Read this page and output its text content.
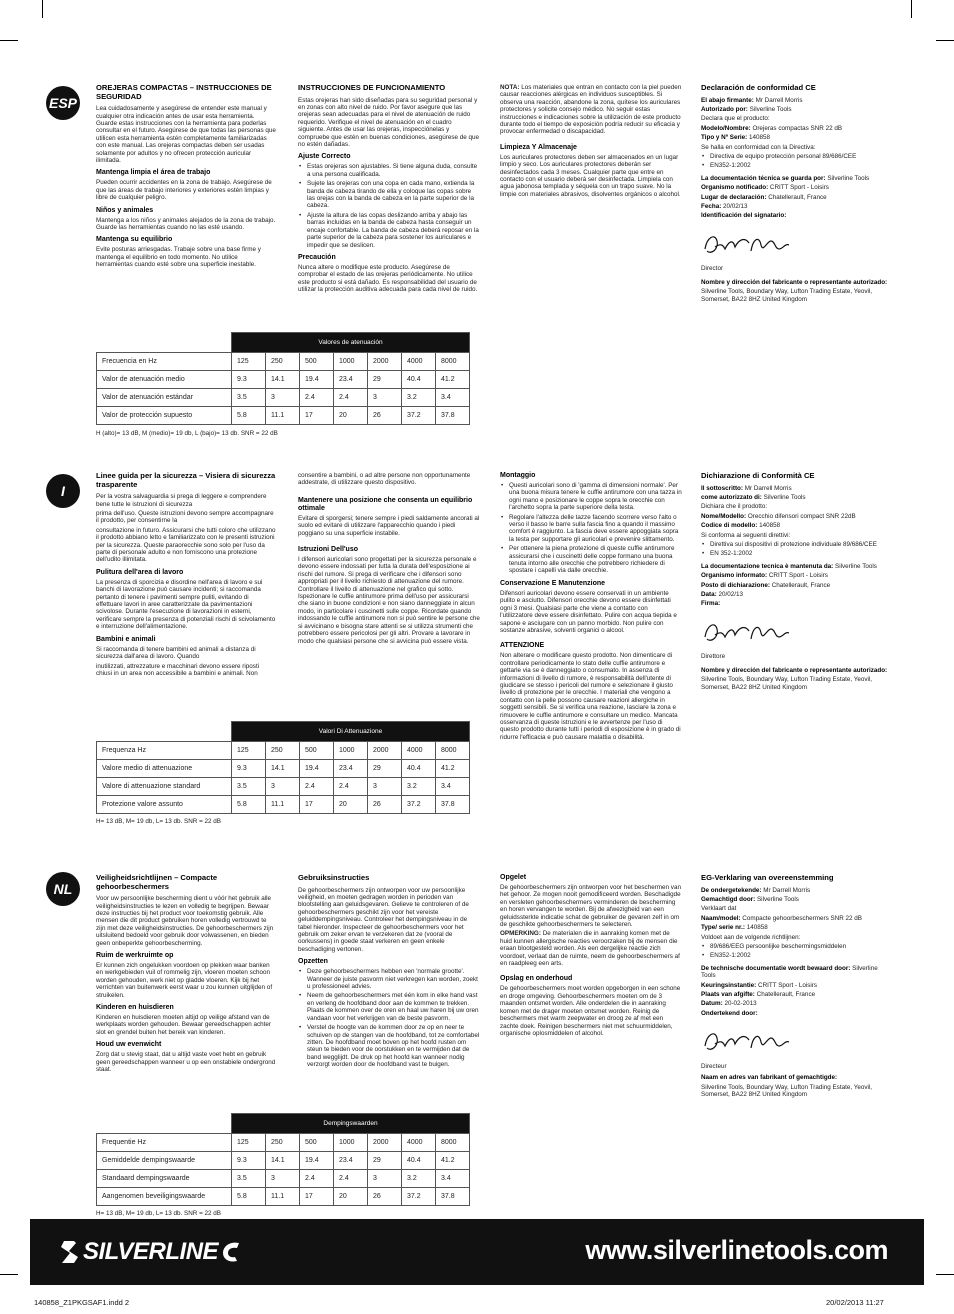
ESP
OREJERAS COMPACTAS – INSTRUCCIONES DE SEGURIDAD

Lea cuidadosamente y asegúrese de entender este manual y cualquier otra indicación antes de usar esta herramienta. Guarde estas instrucciones con la herramienta para poderlas consultar en el futuro. Asegúrese de que todas las personas que utilicen esta herramienta estén completamente familiarizadas con este manual. Las orejeras compactas deben ser usadas solamente por adultos y no ofrecen protección auricular ilimitada.

Mantenga limpia el área de trabajo

Pueden ocurrir accidentes en la zona de trabajo. Asegúrese de que las áreas de trabajo interiores y exteriores estén limpias y libre de cualquier peligro.

Niños y animales

Mantenga a los niños y animales alejados de la zona de trabajo. Guarde las herramientas cuando no las esté usando.

Mantenga su equilibrio

Evite posturas arriesgadas. Trabaje sobre una base firme y mantenga el equilibrio en todo momento. No utilice herramientas cuando esté sobre una superficie inestable.

INSTRUCCIONES DE FUNCIONAMIENTO

Estas orejeras han sido diseñadas para su seguridad personal y en zonas con alto nivel de ruido. Por favor asegure que las orejeras sean adecuadas para el nivel de atenuación de ruido requerido. Verifique el nivel de atenuación en el cuadro siguiente. Antes de usar las orejeras, inspecciónelas y compruebe que estén en buenas condiciones, asegúrese de que no estén dañadas.

Ajuste Correcto
• Estas orejeras son ajustables. Si tiene alguna duda, consulte a una persona cualificada.
• Sujete las orejeras con una copa en cada mano, extienda la banda de cabeza tirando de ella y coloque las copas sobre las orejas con la banda de cabeza en la parte superior de la cabeza.
• Ajuste la altura de las copas deslizando arriba y abajo las barras incluidas en la banda de cabeza hasta conseguir un encaje confortable. La banda de cabeza deberá reposar en la parte superior de la cabeza para sostener los auriculares e impedir que se deslicen.
Precaución

Nunca altere o modifique este producto. Asegúrese de comprobar el estado de las orejeras periódicamente. No utilice este producto si está dañado. Es responsabilidad del usuario de utilizar la protección auditiva adecuada para cada nivel de ruido.

NOTA: Los materiales que entran en contacto con la piel pueden causar reacciones alérgicas en individuos susceptibles. Si observa una reacción, abandone la zona, quítese los auriculares protectores y solicite consejo médico. No seguir estas instrucciones e indicaciones sobre la utilización de este producto durante todo el tiempo de exposición podría reducir su eficacia y provocar enfermedad o discapacidad.

Limpieza Y Almacenaje

Los auriculares protectores deben ser almacenados en un lugar limpio y seco. Los auriculares protectores deberán ser desinfectados cada 3 meses. Cualquier parte que entre en contacto con el usuario deberá ser desinfectada. Limpiela con agua jabonosa templada y séquela con un trapo suave. No la limpie con materiales abrasivos, disolventes orgánicos o alcohol.

Declaración de conformidad CE

El abajo firmante: Mr Darrell Morris

Autorizado por: Silverline Tools

Declara que el producto:

Modelo/Nombre: Orejeras compactas SNR 22 dB

Tipo y Nº Serie: 140858

Se halla en conformidad con la Directiva:

• Directiva de equipo protección personal 89/686/CEE
• EN352-1:2002

La documentación técnica se guarda por: Silverline Tools

Organismo notificado: CRITT Sport - Loisirs

Lugar de declaración: Chatellerault, France

Fecha: 20/02/13

Identificación del signatario:

Director

Nombre y dirección del fabricante o representante autorizado:

Silverline Tools, Boundary Way, Lufton Trading Estate, Yeovil, Somerset, BA22 8HZ United Kingdom

	Valores de atenuación						
Frecuencia en Hz	125	250	500	1000	2000	4000	8000
Valor de atenuación medio	9.3	14.1	19.4	23.4	29	40.4	41.2
Valor de atenuación estándar	3.5	3	2.4	2.4	3	3.2	3.4
Valor de protección supuesto	5.8	11.1	17	20	26	37.2	37.8
H (alto)= 13 dB, M (medio)= 19 db, L (bajo)= 13 db. SNR = 22 dB
I
Linee guida per la sicurezza – Visiera di sicurezza trasparente

Per la vostra salvaguardia si prega di leggere e comprendere bene tutte le istruzioni di sicurezza

prima dell'uso. Queste istruzioni devono sempre accompagnare il prodotto, per consentirne la

consultazione in futuro. Assicurarsi che tutti coloro che utilizzano il prodotto abbiano letto e familiarizzato con le presenti istruzioni per la sicurezza. Queste paraorecchie sono solo per l'uso da parte di personale adulto e non forniscono una protezione dell'udito illimitata.

Pulitura dell'area di lavoro

La presenza di sporcizia e disordine nell'area di lavoro e sui banchi di lavorazione può causare incidenti; si raccomanda pertanto di tenere i pavimenti sempre puliti, evitando di effettuare lavori in aree caratterizzate da pavimentazioni scivolose. Durante l'esecuzione di lavorazioni in esterni, verificare sempre la presenza di potenziali rischi di scivolamento e interruzione dell'alimentazione.

Bambini e animali

Si raccomanda di tenere bambini ed animali a distanza di sicurezza dall'area di lavoro. Quando

inutilizzati, attrezzature e macchinari devono essere riposti chiusi in un area non accessibile a bambini e animali. Non

consentire a bambini, o ad altre persone non opportunamente addestrate, di utilizzare questo dispositivo.

Mantenere una posizione che consenta un equilibrio ottimale

Evitare di sporgersi; tenere sempre i piedi saldamente ancorati al suolo ed evitare di utilizzare l'apparecchio quando i piedi poggiano su una superficie instabile.

Istruzioni Dell'uso

I difensori auricolari sono progettati per la sicurezza personale e devono essere indossati per tutta la durata dell'esposizione ai rischi del rumore. Si prega di verificare che i difensori sono appropriati per il livello richiesto di attenuazione del rumore. Controllare il livello di attenuazione nel grafico qui sotto. Ispezionare le cuffie antirumore prima dell'uso per assicurarsi che siano in buone condizioni e non siano danneggiate in alcun modo, in particolare i cuscinetti sulle coppe. Ricordate quando indossando le cuffie antirumore non si può sentire le persone che si avvicinano e bisogna stare attenti se si utilizza strumenti che potrebbero essere pericolosi per gli altri. Provare a lavorare in modo che qualsiasi persone che si avvicina può essere vista.

Montaggio
• Questi auricolari sono di 'gamma di dimensioni normale'. Per una buona misura tenere le cuffie antirumore con una tazza in ogni mano e posizionare le coppe sopra le orecchie con l'archetto sopra la parte superiore della testa.
• Regolare l'altezza delle tazze facendo scorrere verso l'alto o verso il basso le barre sulla fascia fino a quando il massimo comfort è raggiunto. La fascia deve essere appoggiata sopra la testa per supportare gli auricolari e prevenire slittamento.
• Per ottenere la piena protezione di queste cuffie antirumore assicurarsi che i cuscinetti delle coppe formano una buona tenuta intorno alle orecchie che potrebbero richiedere di spostare i capelli via dalle orecchie.
Conservazione E Manutenzione

Difensori auricolari devono essere conservati in un ambiente pulito e asciutto. Difensori orecchie devono essere disinfettati ogni 3 mesi. Qualsiasi parte che viene a contatto con l'utilizzatore deve essere disinfettato. Pulire con acqua tiepida e sapone e asciugare con un panno morbido. Non pulire con sostanze abrasive, solventi organici o alcool.

ATTENZIONE

Non alterare o modificare questo prodotto. Non dimenticare di controllare periodicamente lo stato delle cuffie antirumore e gettarle via se è danneggiato o consumato. In assenza di informazioni di livello di rumore, è responsabilità dell'utente di giudicare se stesso i pericoli del rumore e selezionare il giusto livello di protezione per le orecchie. I materiali che vengono a contatto con la pelle possono causare reazioni allergiche in soggetti sensibili. Se si verifica una reazione, lasciare la zona e rimuovere le cuffie antirumore e consultare un medico. Mancata osservanza di queste istruzioni e le avvertenze per l'uso di questo prodotto durante tutti i periodi di esposizione è in grado di ridurre l'efficacia e può causare malattia o disabilità.

Dichiarazione di Conformità CE

Il sottoscritto: Mr Darrell Morris

come autorizzato di: Silverline Tools

Dichiara che il prodotto:

Nome/Modello: Orecchio difensori compact SNR 22dB

Codice di modello: 140858

Si conforma ai seguenti direttivi:

• Direttiva sui dispositivi di protezione individuale 89/686/CEE
• EN 352-1:2002

La documentazione tecnica è mantenuta da: Silverline Tools

Organismo informato: CRITT Sport - Loisirs

Posto di dichiarazione: Chatellerault, France

Data: 20/02/13

Firma:

Direttore

Nombre y dirección del fabricante o representante autorizado:

Silverline Tools, Boundary Way, Lufton Trading Estate, Yeovil, Somerset, BA22 8HZ United Kingdom

	Valori Di Attenuazione						
Frequenza Hz	125	250	500	1000	2000	4000	8000
Valore medio di attenuazione	9.3	14.1	19.4	23.4	29	40.4	41.2
Valore di attenuazione standard	3.5	3	2.4	2.4	3	3.2	3.4
Protezione valore assunto	5.8	11.1	17	20	26	37.2	37.8
H= 13 dB, M= 19 db, L= 13 db. SNR = 22 dB
NL
Veiligheidsrichtlijnen – Compacte gehoorbeschermers

Voor uw persoonlijke bescherming dient u vóór het gebruik alle veiligheidsinstructies te lezen en volledig te begrijpen. Bewaar deze instructies bij het product voor toekomstig gebruik. Alle mensen die dit product gebruiken horen volledig vertrouwd te zijn met deze veiligheidsinstructies. De gehoorbeschermers zijn uitsluitend bedoeld voor gebruik door volwassenen, en bieden geen onbeperkte gehoorbescherming.

Ruim de werkruimte op

Er kunnen zich ongelukken voordoen op plekken waar banken en werkgebieden vuil of rommelig zijn, vloeren moeten schoon worden gehouden, werk niet op gladde vloeren. Kijk bij het verrichten van buitenwerk eerst waar u zou kunnen uitglijden of struikelen.

Kinderen en huisdieren

Kinderen en huisdieren moeten altijd op veilige afstand van de werkplaats worden gehouden. Bewaar gereedschappen achter slot en grendel buiten het bereik van kinderen.

Houd uw evenwicht

Zorg dat u stevig staat, dat u altijd vaste voet hebt en gebruik geen gereedschappen wanneer u op een onstabiele ondergrond staat.

Gebruiksinstructies

De gehoorbeschermers zijn ontworpen voor uw persoonlijke veiligheid, en moeten gedragen worden in perioden van blootstelling aan geluidsgevaren. Gelieve te controleren of de gehoorbeschermers geschikt zijn voor het vereiste geluiddempingsniveau. Controleer het dempingsniveau in de tabel hieronder. Inspecteer de gehoorbeschermers voor het gebruik om zeker ervan te verzekeren dat ze (vooral de oorkussens) in goede staat verkeren en geen enkele beschadiging vertonen.

Opzetten
• Deze gehoorbeschermers hebben een 'normale grootte'. Wanneer de juiste pasvorm niet verkregen kan worden, zoekt u professioneel advies.
• Neem de gehoorbeschermers met één kom in elke hand vast en verleng de hoofdband door aan de kommen te trekken. Plaats de kommen over de oren en haal uw haren bij uw oren vandaan voor het verkrijgen van de beste pasvorm.
• Verstel de hoogte van de kommen door ze op en neer te schuiven op de stangen van de hoofdband, tot ze comfortabel zitten. De hoofdband moet boven op het hoofd rusten om steun te bieden voor de oorstukken en te vermijden dat de band wegglijdt. De druk op het hoofd kan wanneer nodig verzorgt worden door de hoofdband vast te buigen.
Opgelet

De gehoorbeschermers zijn ontworpen voor het beschermen van het gehoor. Ze mogen nooit gemodificeerd worden. Beschadigde en versleten gehoorbeschermers verminderen de bescherming en horen vervangen te worden. Bij de afwezigheid van een geluidssterkte indicatie schat de gebruiker de gevaren zelf in om de geschikte gehoorbeschermers te selecteren.

OPMERKING: De materialen die in aanraking komen met de huid kunnen allergische reacties veroorzaken bij de mensen die eraan blootgesteld worden. Als een dergelijke reactie zich voordoet, verlaat dan de ruimte, neem de gehoorbeschermers af en raadpleeg een arts.

Opslag en onderhoud

De gehoorbeschermers moet worden opgeborgen in een schone en droge omgeving. Gehoorbeschermers moeten om de 3 maanden ontsmet worden. Alle onderdelen die in aanraking komen met de drager moeten ontsmet worden. Reinig de beschermers met warm zeepwater en droog ze af met een zachte doek. Reinigen beschermers niet met schuurmiddelen, organische oplosmiddelen of alcohol.

EG-Verklaring van overeenstemming

De ondergetekende: Mr Darrell Morris

Gemachtigd door: Silverline Tools

Verklaart dat

Naam/model: Compacte gehoorbeschermers SNR 22 dB

Type/ serie nr.: 140858

Voldoet aan de volgende richtlijnen:

• 89/686/EEG persoonlijke beschermingsmiddelen
• EN352-1:2002

De technische documentatie wordt bewaard door: Silverline Tools

Keuringsinstantie: CRITT Sport - Loisirs

Plaats van afgifte: Chatellerault, France

Datum: 20-02-2013

Ondertekend door:

Directeur

Naam en adres van fabrikant of gemachtigde:

Silverline Tools, Boundary Way, Lufton Trading Estate, Yeovil, Somerset, BA22 8HZ United Kingdom

	Dempingswaarden						
Frequentie Hz	125	250	500	1000	2000	4000	8000
Gemiddelde dempingswaarde	9.3	14.1	19.4	23.4	29	40.4	41.2
Standaard dempingswaarde	3.5	3	2.4	2.4	3	3.2	3.4
Aangenomen beveiligingswaarde	5.8	11.1	17	20	26	37.2	37.8
H= 13 dB, M= 19 db, L= 13 db. SNR = 22 dB
SILVERLINE	www.silverlinetools.com
140858_Z1PKGSAF1.indd 2	20/02/2013 11:27
